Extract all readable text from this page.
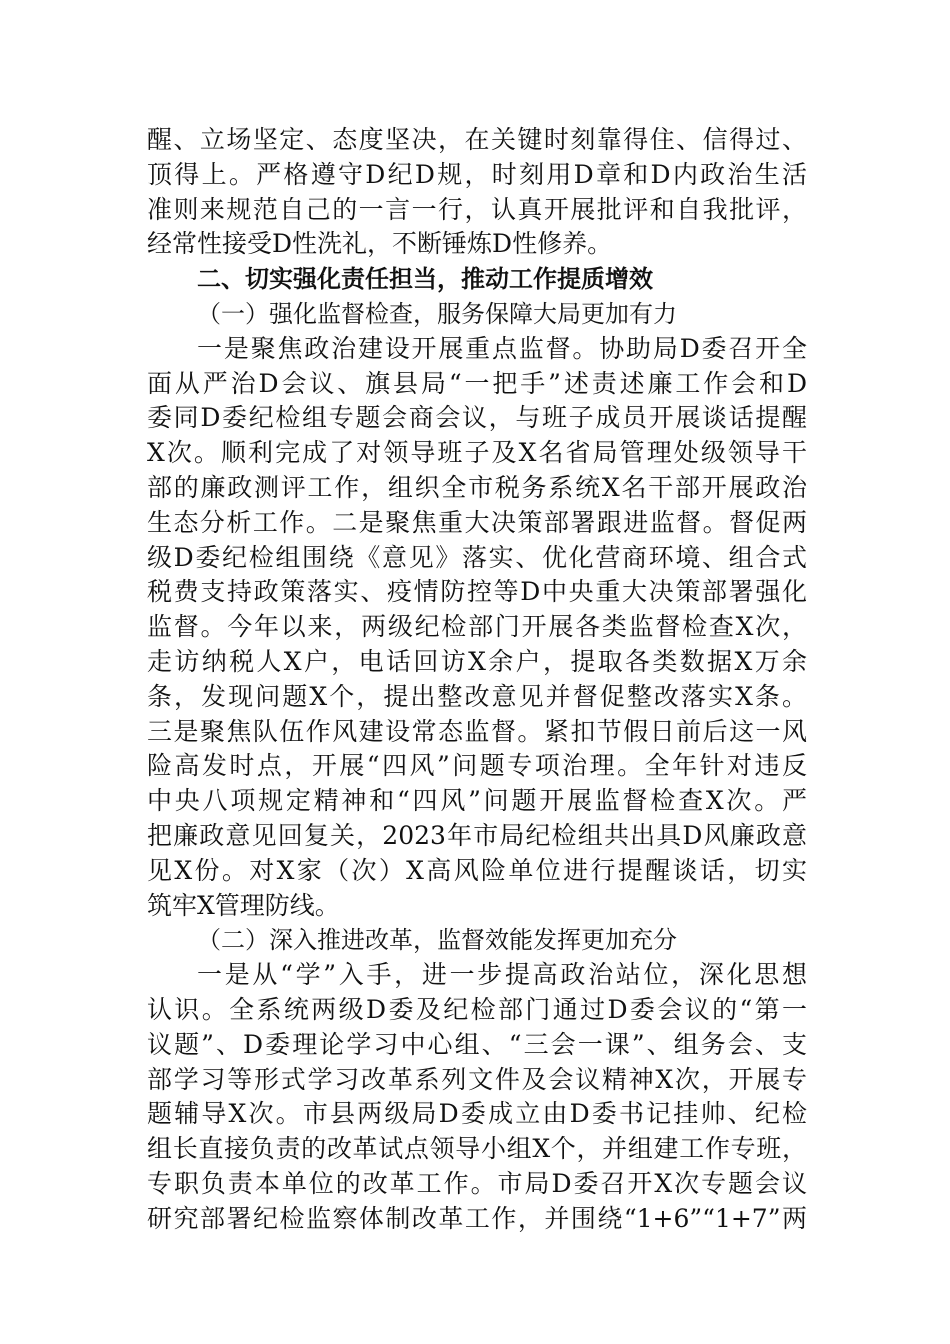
醒、立场坚定、态度坚决，在关键时刻靠得住、信得过、
顶得上。严格遵守D纪D规，时刻用D章和D内政治生活
准则来规范自己的一言一行，认真开展批评和自我批评，
经常性接受D性洗礼，不断锤炼D性修养。
二、切实强化责任担当，推动工作提质增效
（一）强化监督检查，服务保障大局更加有力
一是聚焦政治建设开展重点监督。协助局D委召开全
面从严治D会议、旗县局“一把手”述责述廉工作会和D
委同D委纪检组专题会商会议，与班子成员开展谈话提醒
X次。顺利完成了对领导班子及X名省局管理处级领导干
部的廉政测评工作，组织全市税务系统X名干部开展政治
生态分析工作。二是聚焦重大决策部署跟进监督。督促两
级D委纪检组围绕《意见》落实、优化营商环境、组合式
税费支持政策落实、疫情防控等D中央重大决策部署强化
监督。今年以来，两级纪检部门开展各类监督检查X次，
走访纳税人X户，电话回访X余户，提取各类数据X万余
条，发现问题X个，提出整改意见并督促整改落实X条。
三是聚焦队伍作风建设常态监督。紧扣节假日前后这一风
险高发时点，开展“四风”问题专项治理。全年针对违反
中央八项规定精神和“四风”问题开展监督检查X次。严
把廉政意见回复关，2023年市局纪检组共出具D风廉政意
见X份。对X家（次）X高风险单位进行提醒谈话，切实
筑牢X管理防线。
（二）深入推进改革，监督效能发挥更加充分
一是从“学”入手，进一步提高政治站位，深化思想
认识。全系统两级D委及纪检部门通过D委会议的“第一
议题”、D委理论学习中心组、“三会一课”、组务会、支
部学习等形式学习改革系列文件及会议精神X次，开展专
题辅导X次。市县两级局D委成立由D委书记挂帅、纪检
组长直接负责的改革试点领导小组X个，并组建工作专班，
专职负责本单位的改革工作。市局D委召开X次专题会议
研究部署纪检监察体制改革工作，并围绕“1+6”“1+7”两
